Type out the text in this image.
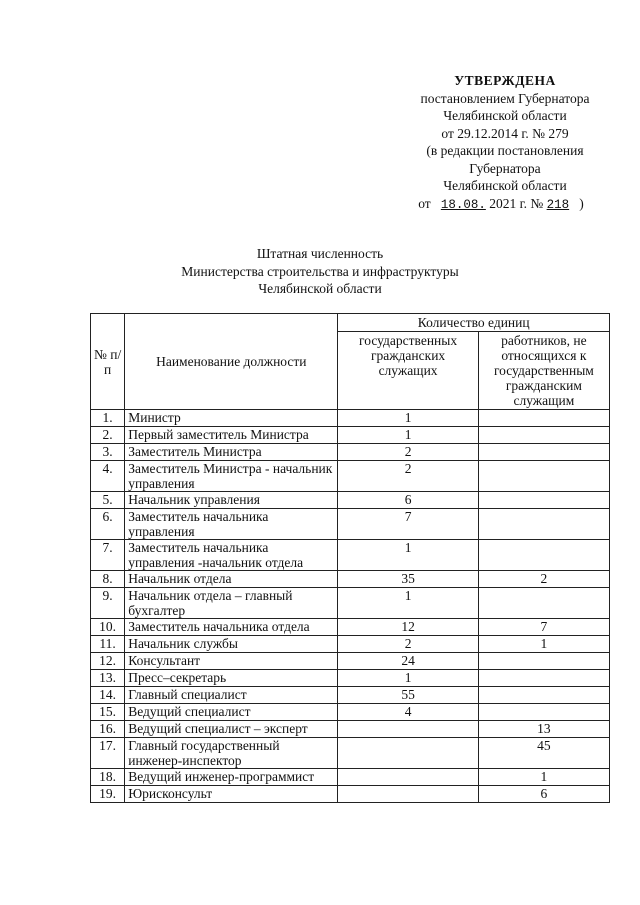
УТВЕРЖДЕНА
постановлением Губернатора
Челябинской области
от 29.12.2014 г. № 279
(в редакции постановления
Губернатора
Челябинской области
от 18.08. 2021 г. № 218 )
Штатная численность
Министерства строительства и инфраструктуры
Челябинской области
№ п/п	Наименование должности	Количество единиц	
		государственных гражданских служащих	работников, не относящихся к государственным гражданским служащим
1.	Министр	1	
2.	Первый заместитель Министра	1	
3.	Заместитель Министра	2	
4.	Заместитель Министра - начальник управления	2	
5.	Начальник управления	6	
6.	Заместитель начальника управления	7	
7.	Заместитель начальника управления -начальник отдела	1	
8.	Начальник отдела	35	2
9.	Начальник отдела – главный бухгалтер	1	
10.	Заместитель начальника отдела	12	7
11.	Начальник службы	2	1
12.	Консультант	24	
13.	Пресс–секретарь	1	
14.	Главный специалист	55	
15.	Ведущий специалист	4	
16.	Ведущий специалист – эксперт		13
17.	Главный государственный инженер-инспектор		45
18.	Ведущий инженер-программист		1
19.	Юрисконсульт		6
